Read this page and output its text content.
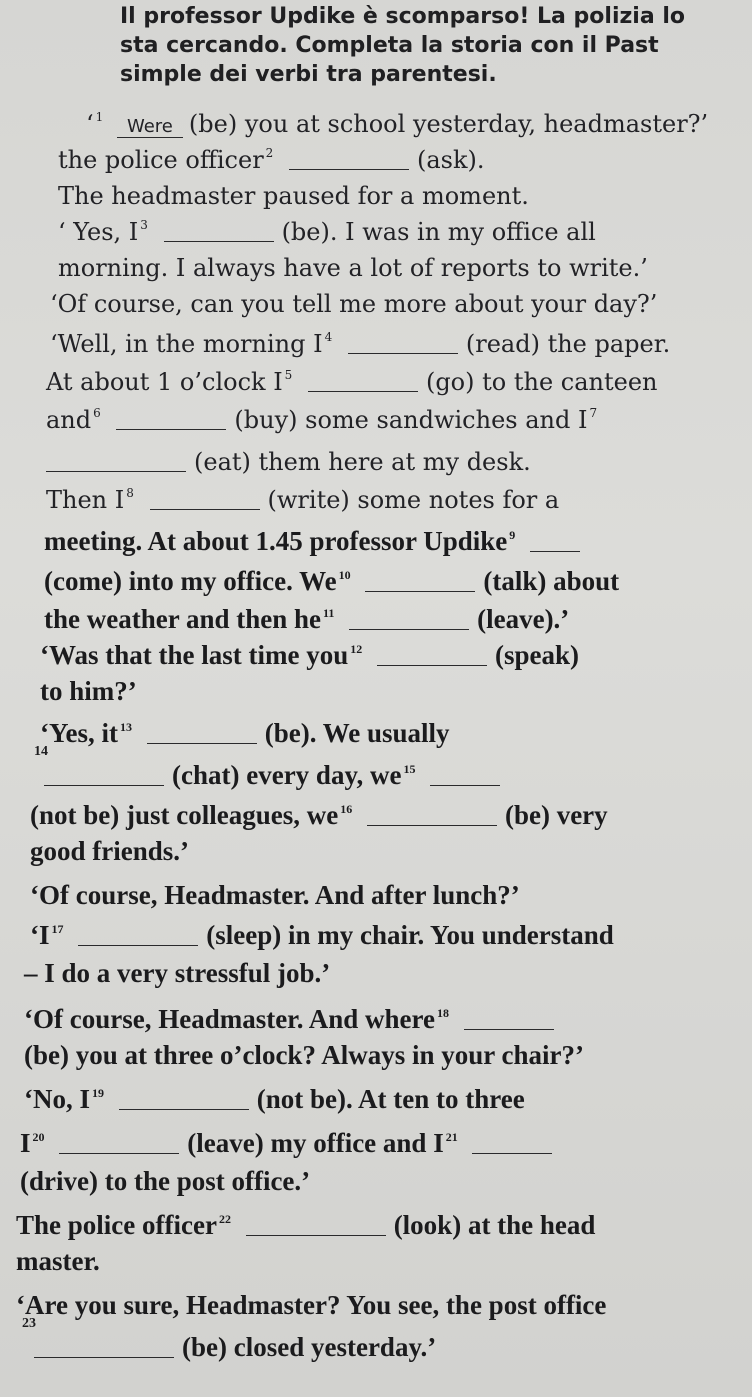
Il professor Updike è scomparso! La polizia lo sta cercando. Completa la storia con il Past simple dei verbi tra parentesi.
‘ $^1$ Were (be) you at school yesterday, headmaster?’
the police officer $^2$	(ask).
The headmaster paused for a moment.
‘ Yes, I $^3$	(be). I was in my office all
morning. I always have a lot of reports to write.’
‘Of course, can you tell me more about your day?’
‘Well, in the morning I $^4$	(read) the paper.
At about 1 o’clock I $^5$	(go) to the canteen
and $^6$	(buy) some sandwiches and I $^7$
(eat) them here at my desk.
Then I $^8$	(write) some notes for a
meeting. At about 1.45 professor Updike $^9$
(come) into my office. We $^{10}$	(talk) about
the weather and then he $^{11}$	(leave).’
‘Was that the last time you $^{12}$	(speak)
to him?’
‘Yes, it $^{13}$	(be). We usually
14
(chat) every day, we $^{15}$
(not be) just colleagues, we $^{16}$	(be) very
good friends.’
‘Of course, Headmaster. And after lunch?’
‘I $^{17}$	(sleep) in my chair. You understand
– I do a very stressful job.’
‘Of course, Headmaster. And where $^{18}$
(be) you at three o’clock? Always in your chair?’
‘No, I $^{19}$	(not be). At ten to three
I $^{20}$	(leave) my office and I $^{21}$
(drive) to the post office.’
The police officer $^{22}$	(look) at the head
master.
‘Are you sure, Headmaster? You see, the post office
23
(be) closed yesterday.’
